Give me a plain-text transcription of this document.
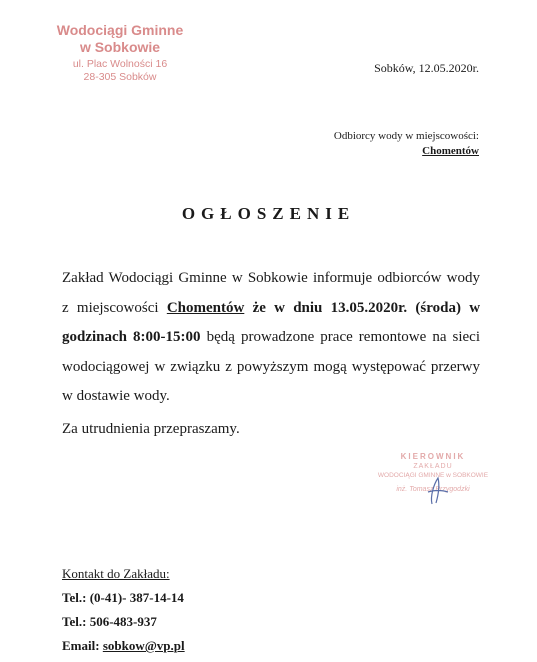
Wodociągi Gminne
w Sobkowie
ul. Plac Wolności 16
28-305 Sobków
Sobków, 12.05.2020r.
Odbiorcy wody w miejscowości:
Chomentów
OGŁOSZENIE
Zakład Wodociągi Gminne w Sobkowie informuje odbiorców wody z miejscowości Chomentów że w dniu 13.05.2020r. (środa) w godzinach 8:00-15:00 będą prowadzone prace remontowe na sieci wodociągowej w związku z powyższym mogą występować przerwy w dostawie wody.
Za utrudnienia przepraszamy.
KIEROWNIK
ZAKŁADU
WODOCIĄGI GMINNE w SOBKOWIE
inż. Tomasz Przygodzki
Kontakt do Zakładu:
Tel.: (0-41)- 387-14-14
Tel.: 506-483-937
Email: sobkow@vp.pl
